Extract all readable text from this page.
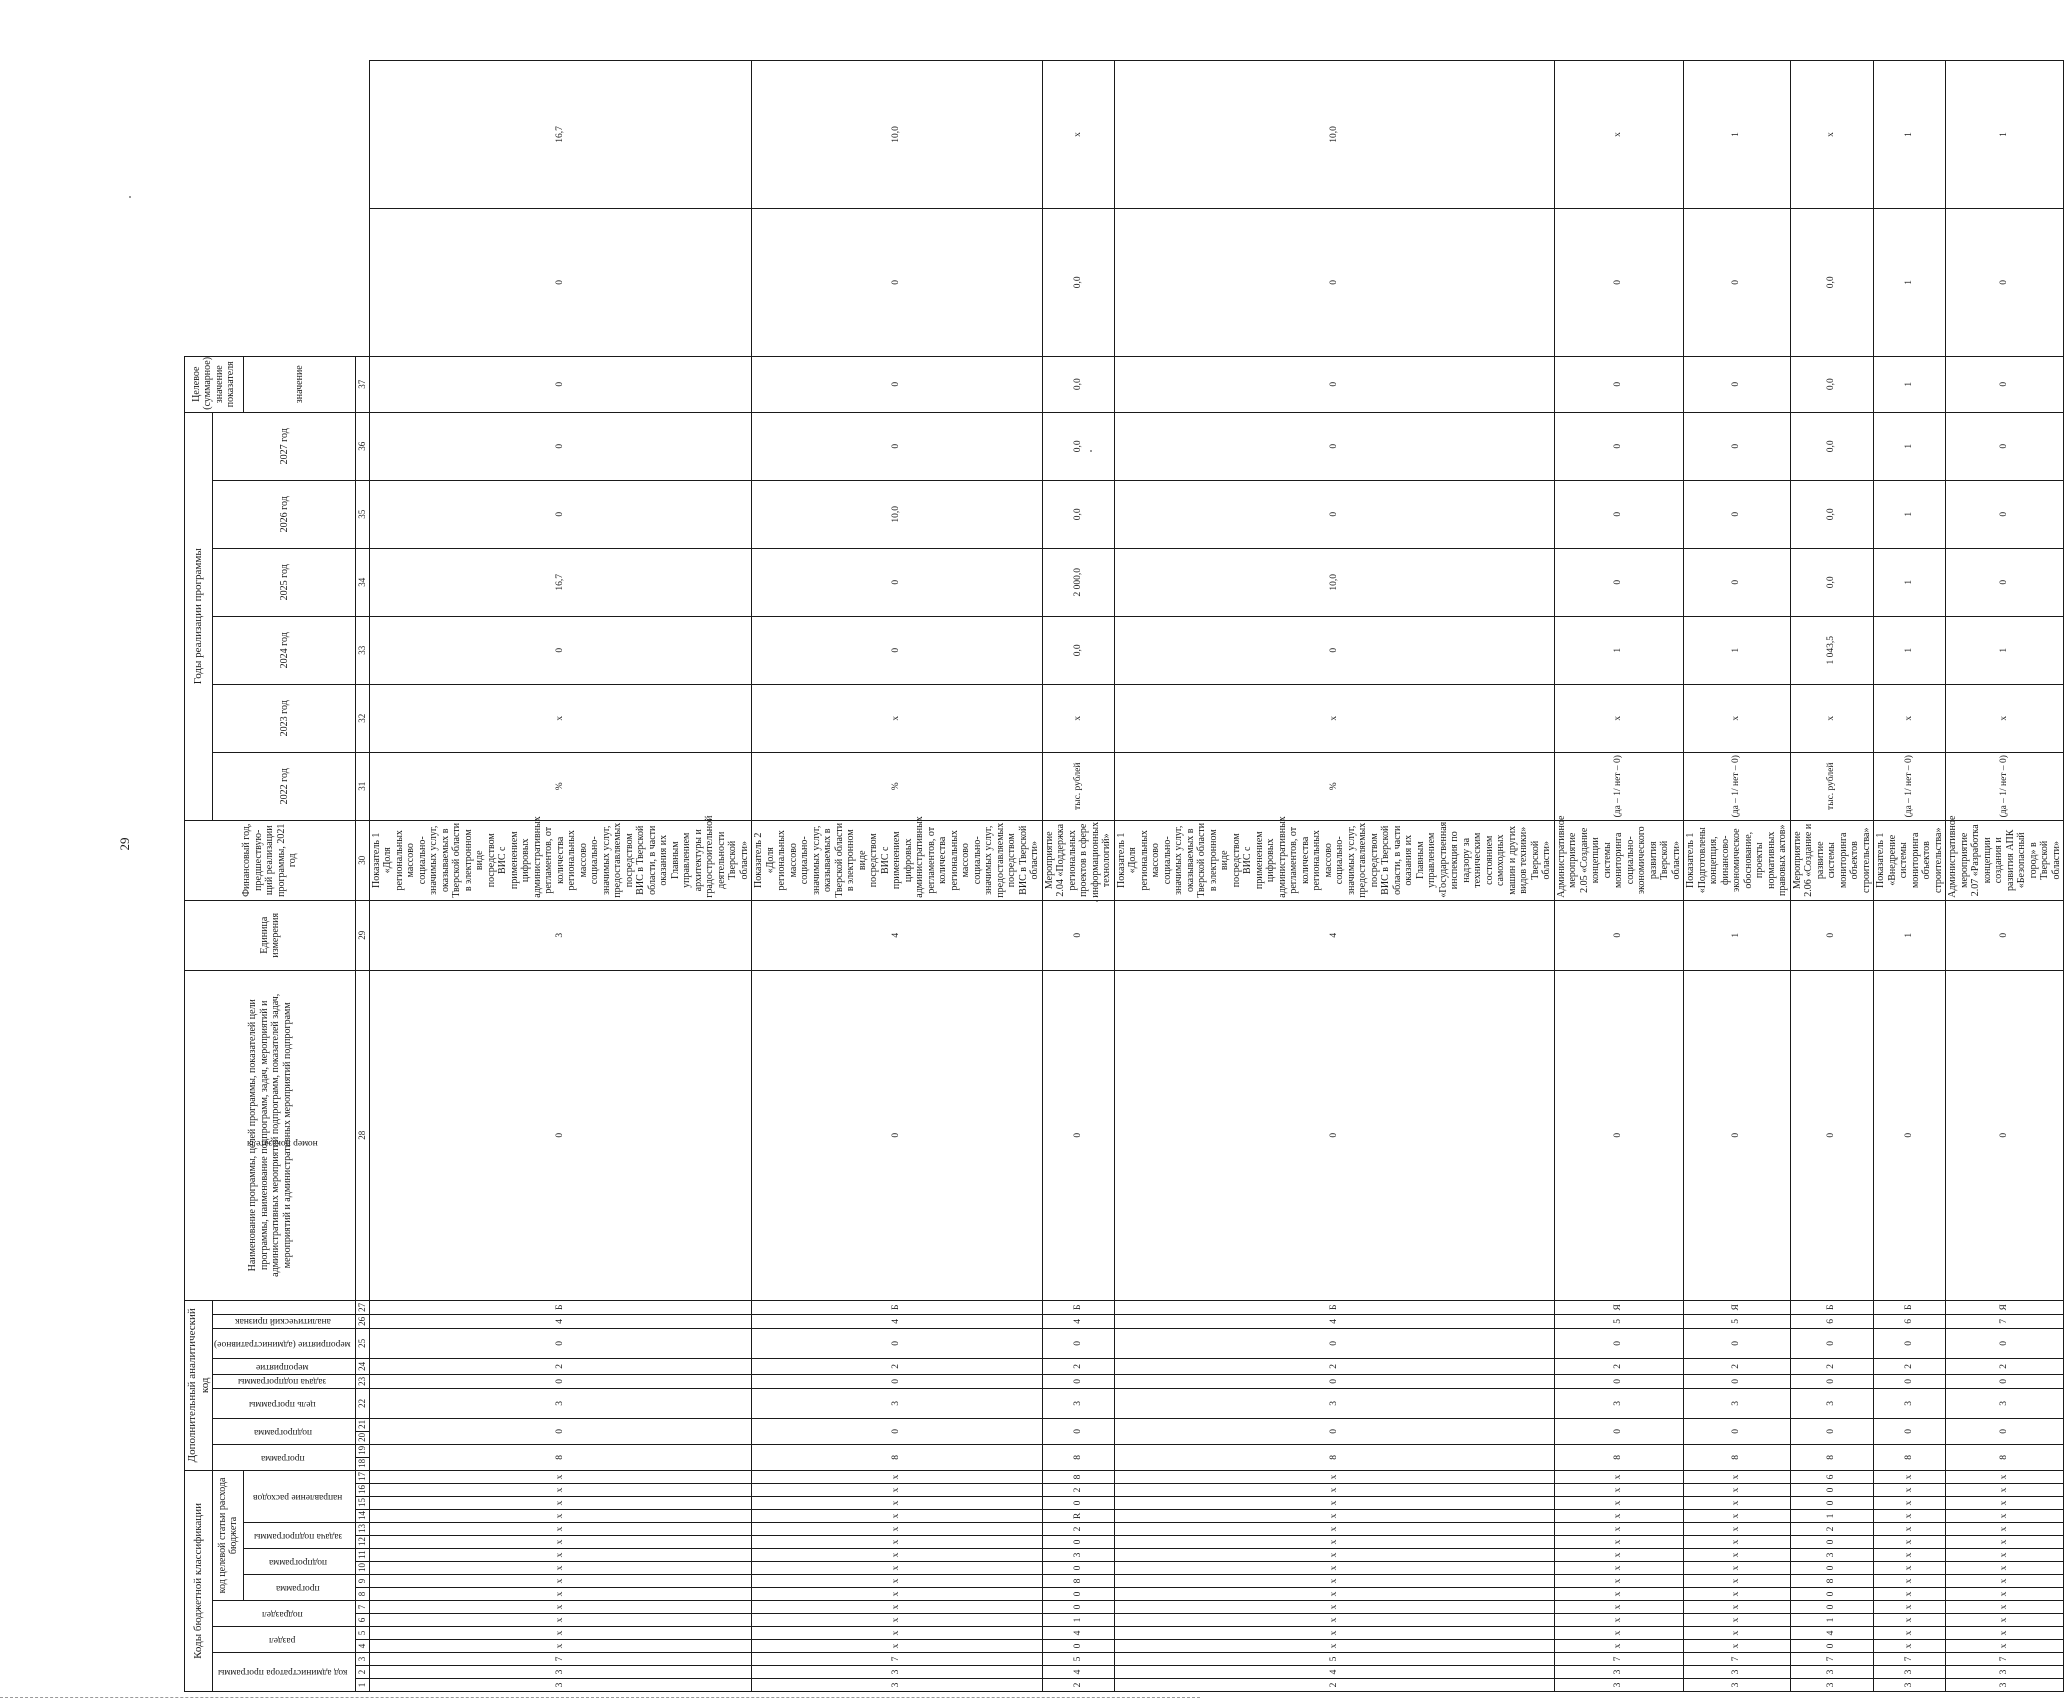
29
Коды бюджетной классификации																	Дополнительный аналитический код										Наименование программы, целей программы, показателей цели программы, наименование подпрограмм, задач, мероприятий и административных мероприятий подпрограмм, показателей задач, мероприятий и административных мероприятий подпрограмм	Единица измерения	Финансовый год, предшествую-щий реализации программы, 2021 год	Годы реализации программы						Целевое (суммарное) значение показателя		
код администратора программы			раздел		подраздел		код целевой статьи расхода бюджета										программа		подпрограмма		цель программы	задача подпрограммы	мероприятие	мероприятие (административное)	аналитический признак	номер показателя				2022 год	2023 год	2024 год	2025 год	2026 год	2027 год			
							программа		подпрограмма		задача подпрограммы		направление расходов																							значение		
1	2	3	4	5	6	7	8	9	10	11	12	13	14	15	16	17	18	19	20	21	22	23	24	25	26	27	28	29	30	31	32	33	34	35	36	37		
3	3	7	х	х	х	х	х	х	х	х	х	х	х	х	х	х	8		0		3	0	2	0	4	Б	0	3	Показатель 1 «Доля региональных массово социально-значимых услуг, оказываемых в Тверской области в электронном виде посредством ВИС с применением цифровых административных регламентов, от количества региональных массово социально-значимых услуг, предоставляемых посредством ВИС в Тверской области, в части оказания их Главным управлением архитектуры и градостроительной деятельности Тверской области»	%	х	0	16,7	0	0	0	0	16,7
3	3	7	х	х	х	х	х	х	х	х	х	х	х	х	х	х	8		0		3	0	2	0	4	Б	0	4	Показатель 2 «Доля региональных массово социально-значимых услуг, оказываемых в Тверской области в электронном виде посредством ВИС с применением цифровых административных регламентов, от количества региональных массово социально-значимых услуг, предоставляемых посредством ВИС в Тверской области»	%	х	0	0	10,0	0	0	0	10,0
2	4	5	0	4	1	0	0	8	0	3	0	2	R	0	2	8	8		0		3	0	2	0	4	Б	0	0	Мероприятие 2.04 «Поддержка региональных проектов в сфере информационных технологий»	тыс. рублей	х	0,0	2 000,0	0,0	0,0	0,0	0,0	х
2	4	5	х	х	х	х	х	х	х	х	х	х	х	х	х	х	8		0		3	0	2	0	4	Б	0	4	Показатель 1 «Доля региональных массово социально-значимых услуг, оказываемых в Тверской области в электронном виде посредством ВИС с применением цифровых административных регламентов, от количества региональных массово социально-значимых услуг, предоставляемых посредством ВИС в Тверской области, в части оказания их Главным управлением «Государственная инспекция по надзору за техническим состоянием самоходных машин и других видов техники» Тверской области»	%	х	0	10,0	0	0	0	0	10,0
3	3	7	х	х	х	х	х	х	х	х	х	х	х	х	х	х	8		0		3	0	2	0	5	Я	0	0	Административное мероприятие 2.05 «Создание концепции системы мониторинга социально-экономического развития Тверской области»	(да – 1/ нет – 0)	х	1	0	0	0	0	0	х
3	3	7	х	х	х	х	х	х	х	х	х	х	х	х	х	х	8		0		3	0	2	0	5	Я	0	1	Показатель 1 «Подготовлены концепция, финансово-экономическое обоснование, проекты нормативных правовых актов»	(да – 1/ нет – 0)	х	1	0	0	0	0	0	1
3	3	7	0	4	1	0	0	8	0	3	0	2	1	0	0	6	8		0		3	0	2	0	6	Б	0	0	Мероприятие 2.06 «Создание и развитие системы мониторинга объектов строительства»	тыс. рублей	х	1 043,5	0,0	0,0	0,0	0,0	0,0	х
3	3	7	х	х	х	х	х	х	х	х	х	х	х	х	х	х	8		0		3	0	2	0	6	Б	0	1	Показатель 1 «Внедрение системы мониторинга объектов строительства»	(да – 1/ нет – 0)	х	1	1	1	1	1	1	1
3	3	7	х	х	х	х	х	х	х	х	х	х	х	х	х	х	8		0		3	0	2	0	7	Я	0	0	Административное мероприятие 2.07 «Разработка концепции создания и развития АПК «Безопасный город» в Тверской области»	(да – 1/ нет – 0)	х	1	0	0	0	0	0	1
